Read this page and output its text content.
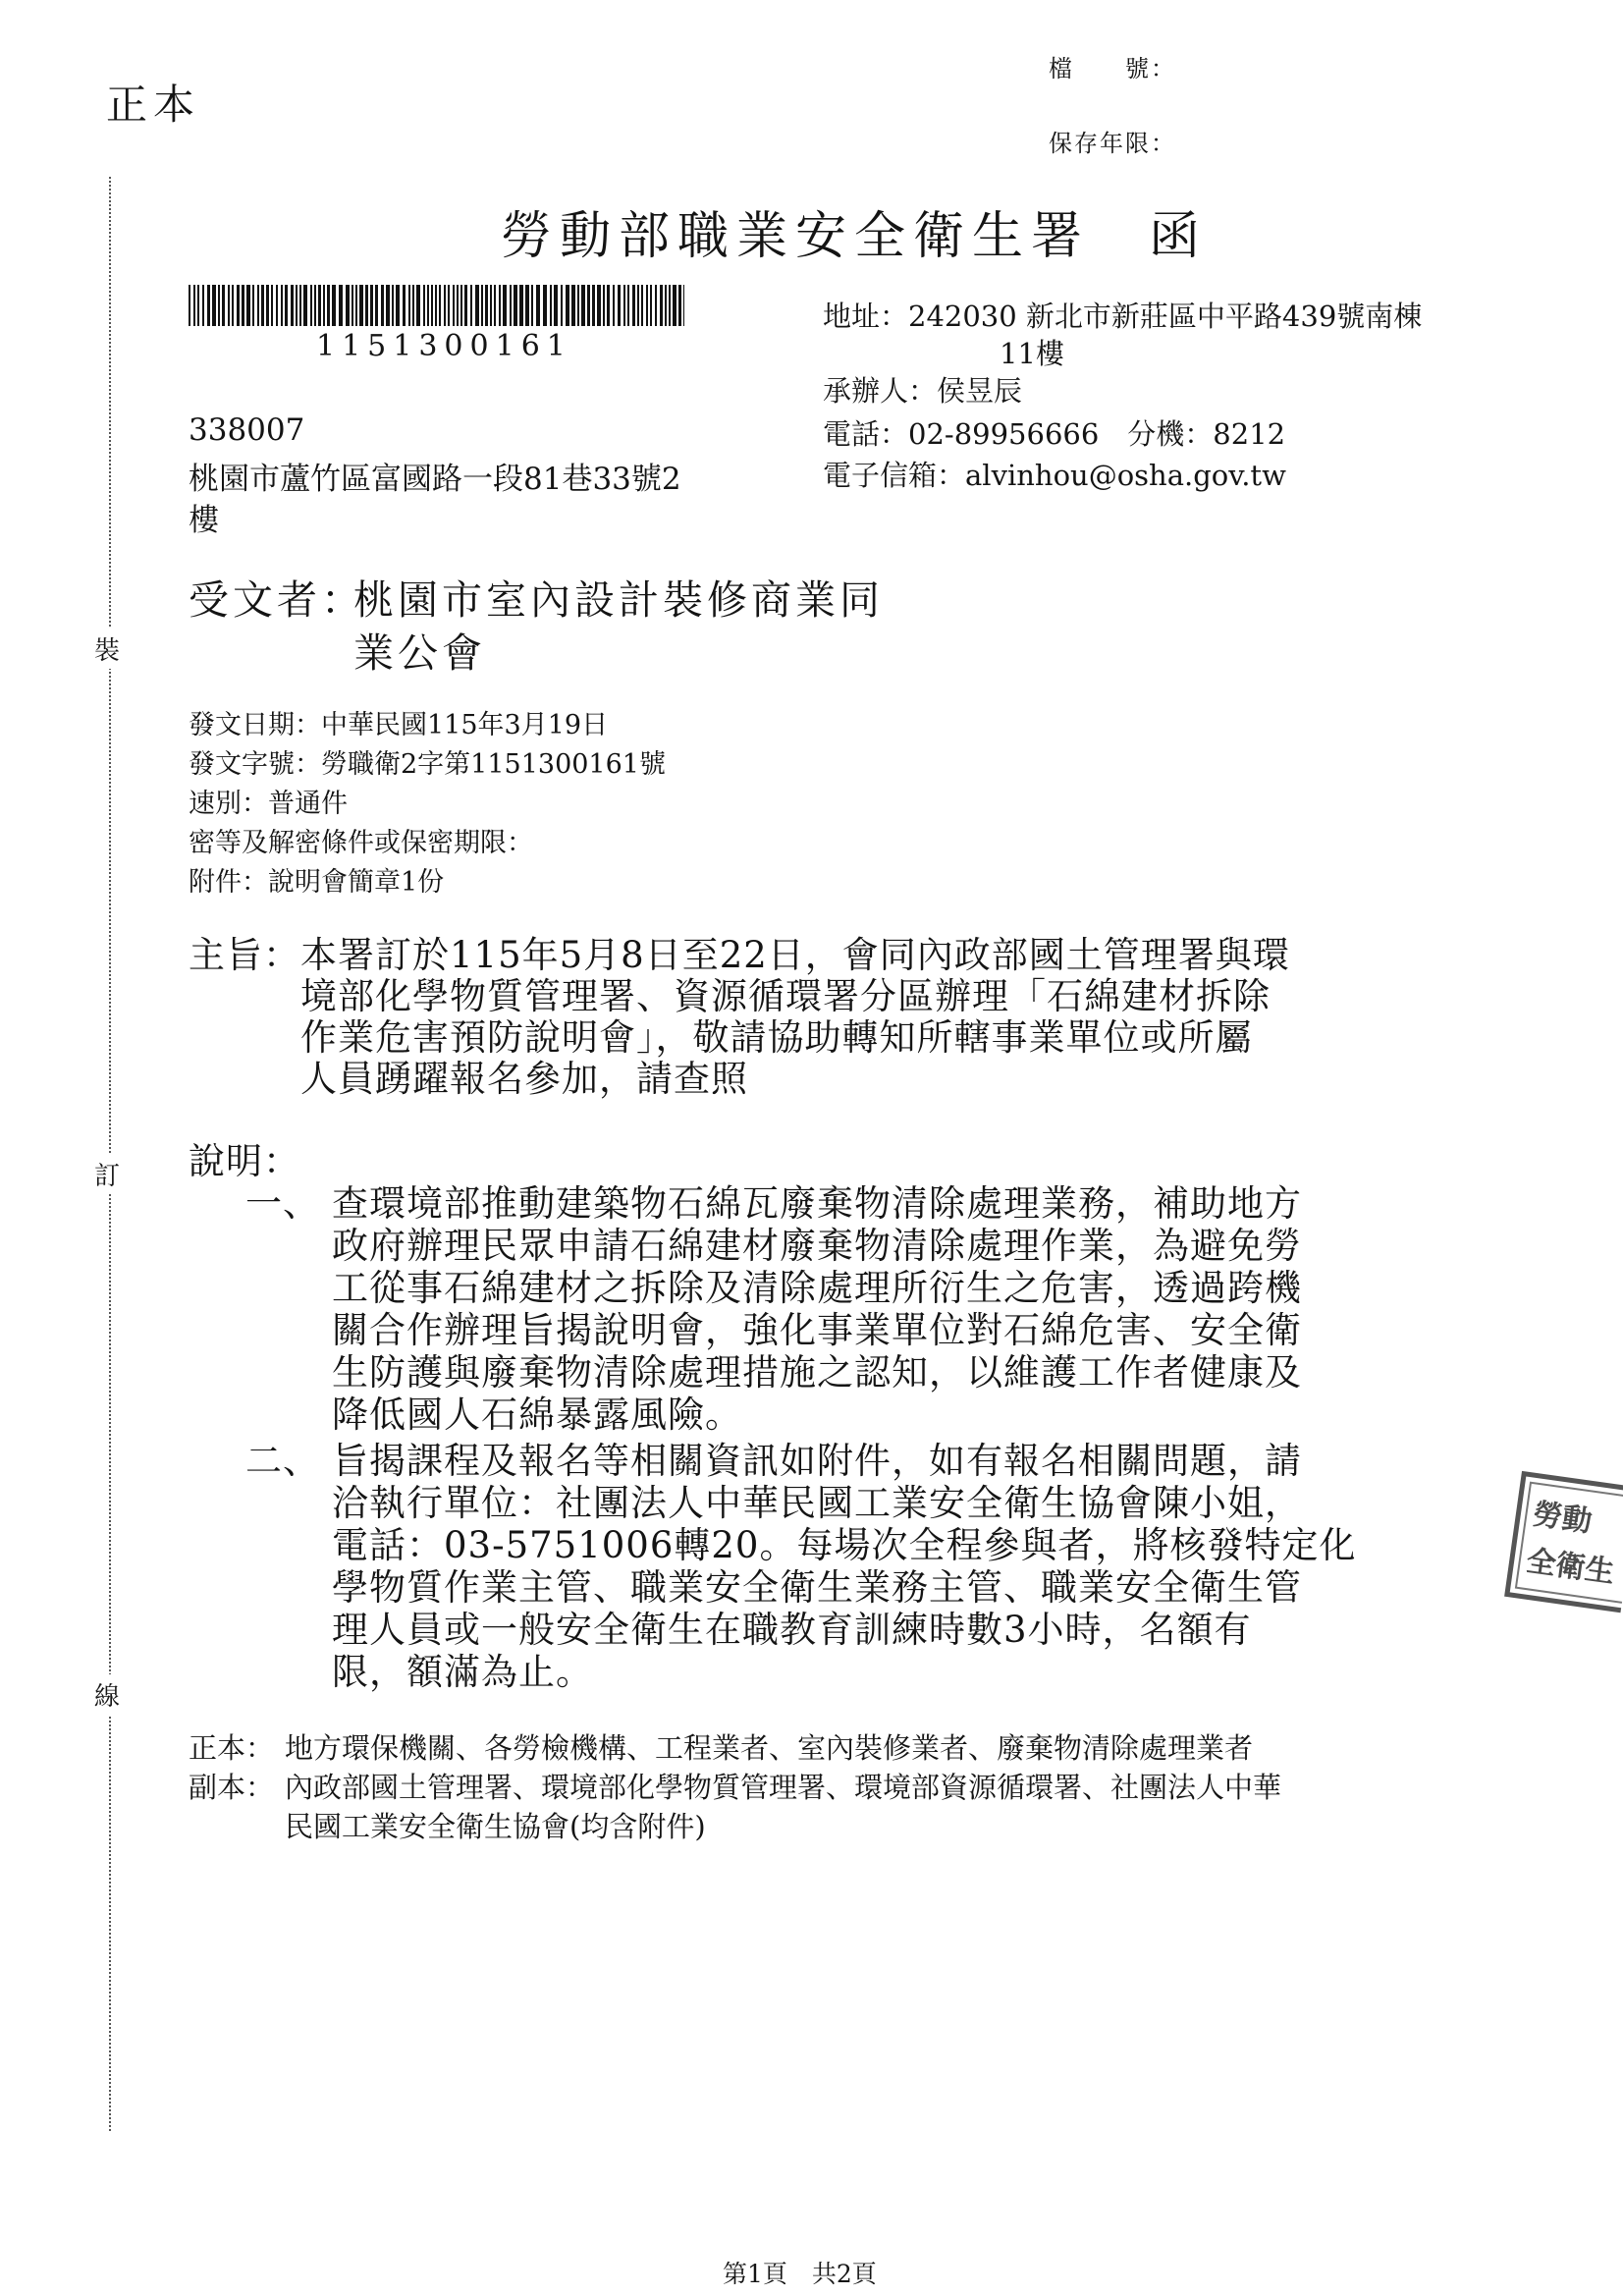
正本
檔　　號：
保存年限：
勞動部職業安全衛生署　函
裝
訂
線
1151300161
地址：242030 新北市新莊區中平路439號南棟
11樓
承辦人：侯昱辰
電話：02-89956666　分機：8212
電子信箱：alvinhou@osha.gov.tw
338007
桃園市蘆竹區富國路一段81巷33號2
樓
受文者：
桃園市室內設計裝修商業同
業公會
發文日期：中華民國115年3月19日
發文字號：勞職衛2字第1151300161號
速別：普通件
密等及解密條件或保密期限：
附件：說明會簡章1份
主旨： 本署訂於115年5月8日至22日，會同內政部國土管理署與環
境部化學物質管理署、資源循環署分區辦理「石綿建材拆除
作業危害預防說明會」，敬請協助轉知所轄事業單位或所屬
人員踴躍報名參加，請查照
說明：
一、 查環境部推動建築物石綿瓦廢棄物清除處理業務，補助地方
政府辦理民眾申請石綿建材廢棄物清除處理作業，為避免勞
工從事石綿建材之拆除及清除處理所衍生之危害，透過跨機
關合作辦理旨揭說明會，強化事業單位對石綿危害、安全衛
生防護與廢棄物清除處理措施之認知，以維護工作者健康及
降低國人石綿暴露風險。
二、 旨揭課程及報名等相關資訊如附件，如有報名相關問題，請
洽執行單位：社團法人中華民國工業安全衛生協會陳小姐，
電話：03-5751006轉20。每場次全程參與者，將核發特定化
學物質作業主管、職業安全衛生業務主管、職業安全衛生管
理人員或一般安全衛生在職教育訓練時數3小時，名額有
限，額滿為止。
勞動
全衛生
正本： 地方環保機關、各勞檢機構、工程業者、室內裝修業者、廢棄物清除處理業者
副本： 內政部國土管理署、環境部化學物質管理署、環境部資源循環署、社團法人中華
民國工業安全衛生協會(均含附件)
第1頁　共2頁
